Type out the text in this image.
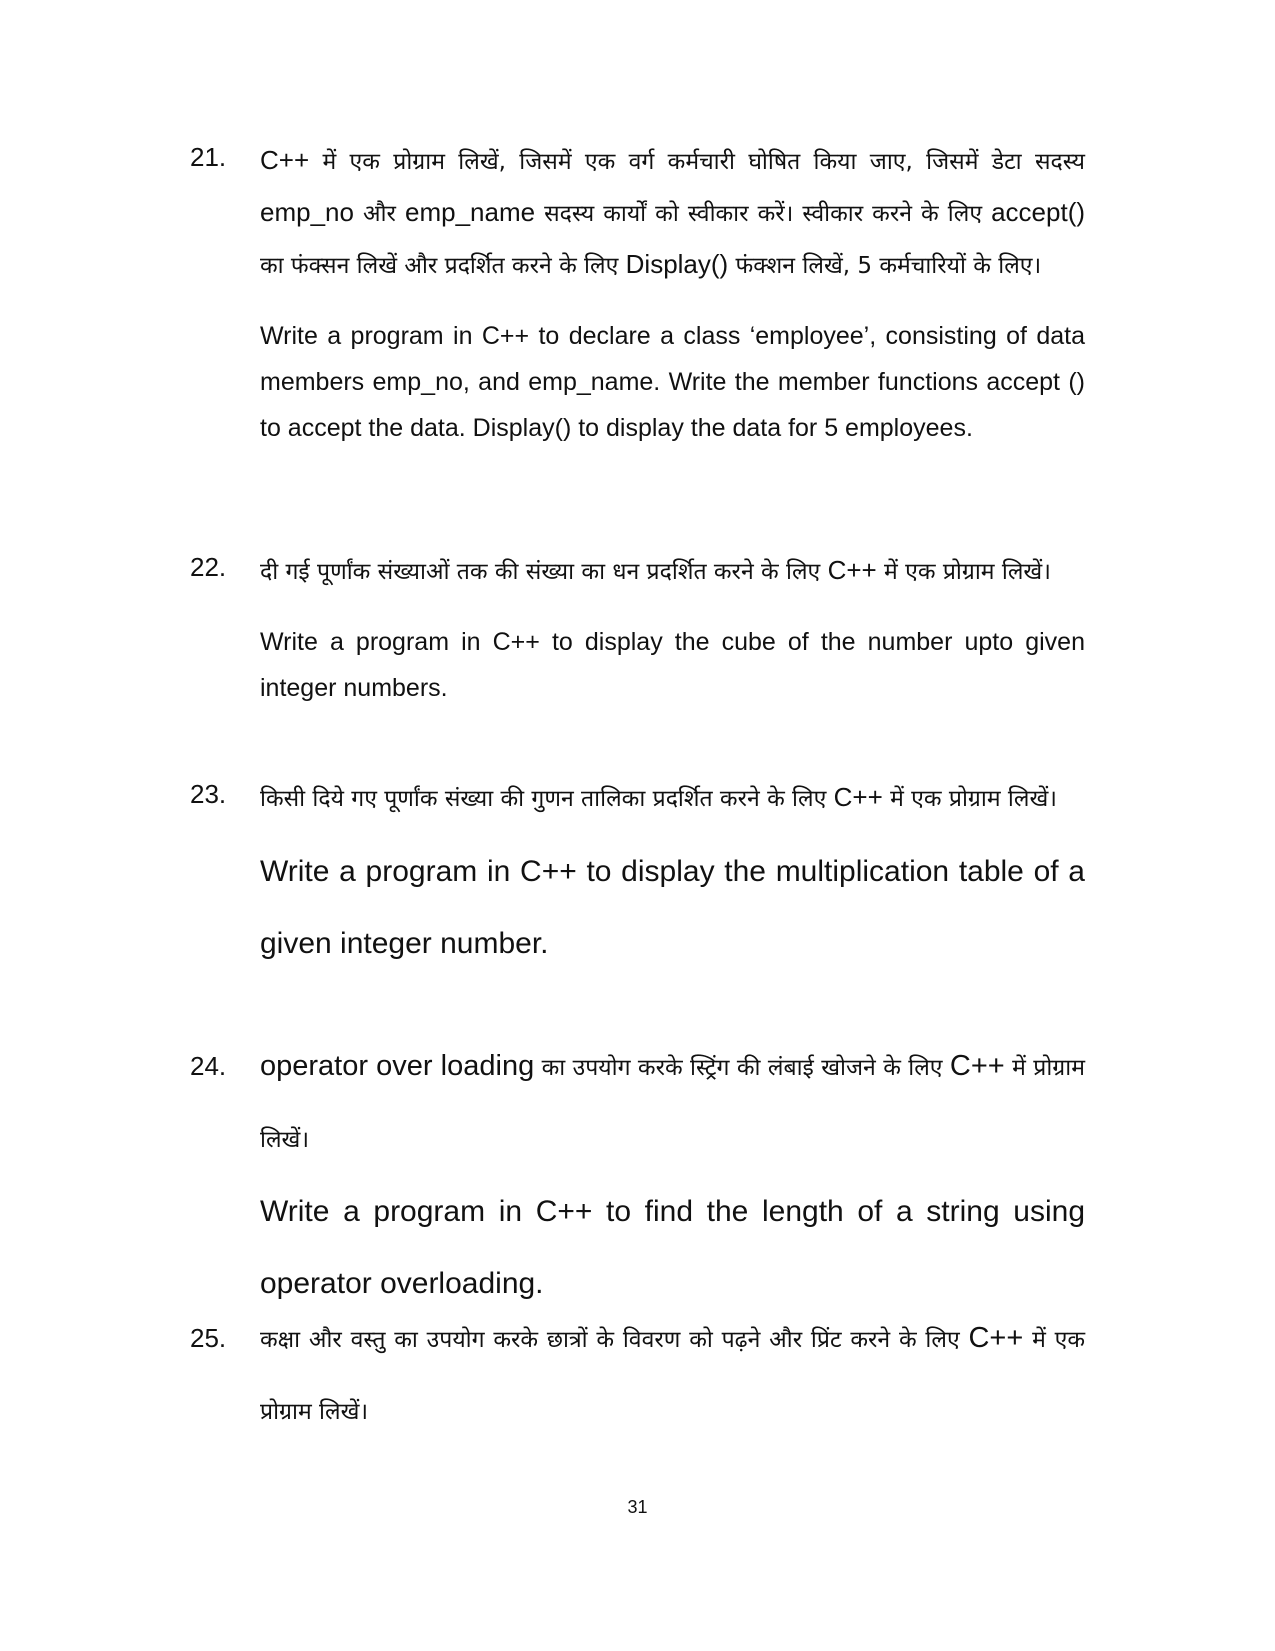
21. C++ में एक प्रोग्राम लिखें, जिसमें एक वर्ग कर्मचारी घोषित किया जाए, जिसमें डेटा सदस्य emp_no और emp_name सदस्य कार्यों को स्वीकार करें। स्वीकार करने के लिए accept() का फंक्सन लिखें और प्रदर्शित करने के लिए Display() फंक्शन लिखें, 5 कर्मचारियों के लिए।

Write a program in C++ to declare a class ‘employee’, consisting of data members emp_no, and emp_name. Write the member functions accept () to accept the data. Display() to display the data for 5 employees.

22. दी गई पूर्णांक संख्याओं तक की संख्या का धन प्रदर्शित करने के लिए C++ में एक प्रोग्राम लिखें।

Write a program in C++ to display the cube of the number upto given integer numbers.

23. किसी दिये गए पूर्णांक संख्या की गुणन तालिका प्रदर्शित करने के लिए C++ में एक प्रोग्राम लिखें।

Write a program in C++ to display the multiplication table of a given integer number.

24. operator over loading का उपयोग करके स्ट्रिंग की लंबाई खोजने के लिए C++ में प्रोग्राम लिखें।

Write a program in C++ to find the length of a string using operator overloading.

25. कक्षा और वस्तु का उपयोग करके छात्रों के विवरण को पढ़ने और प्रिंट करने के लिए C++ में एक प्रोग्राम लिखें।

31
